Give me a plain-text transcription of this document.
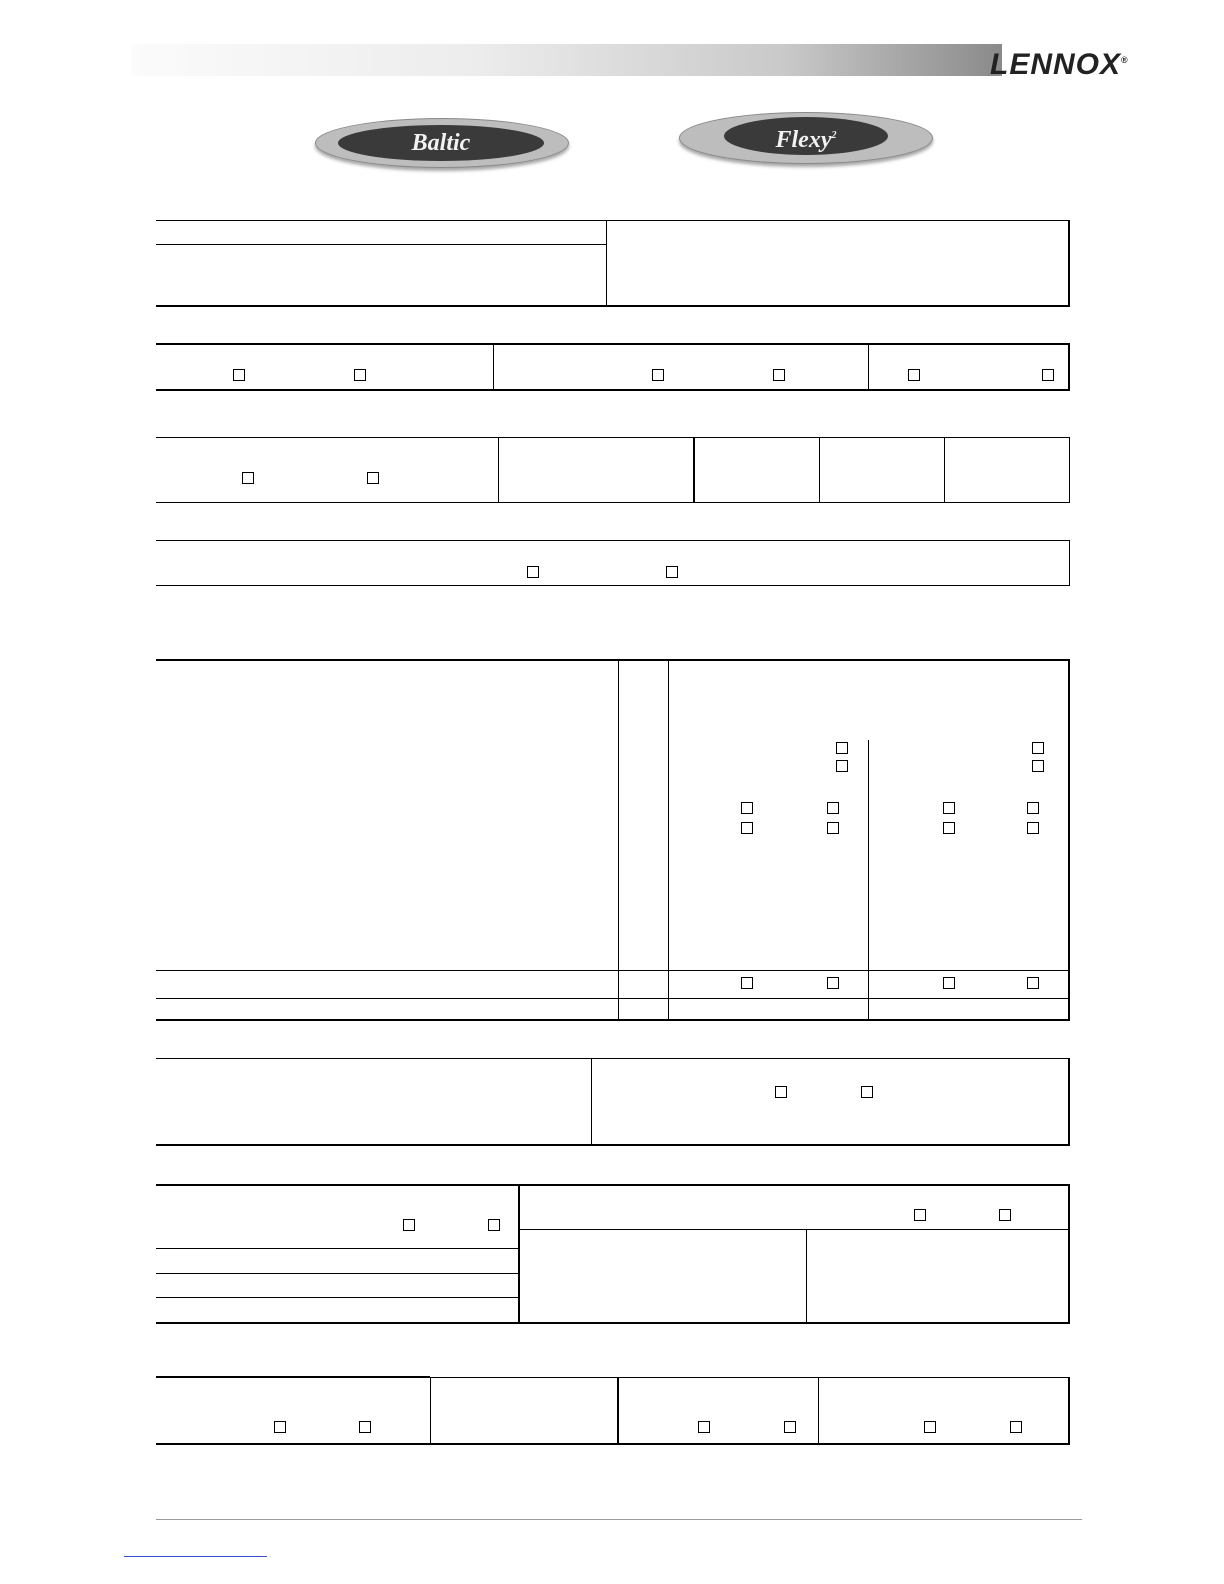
LENNOX®
Baltic	Flexy$^2$
